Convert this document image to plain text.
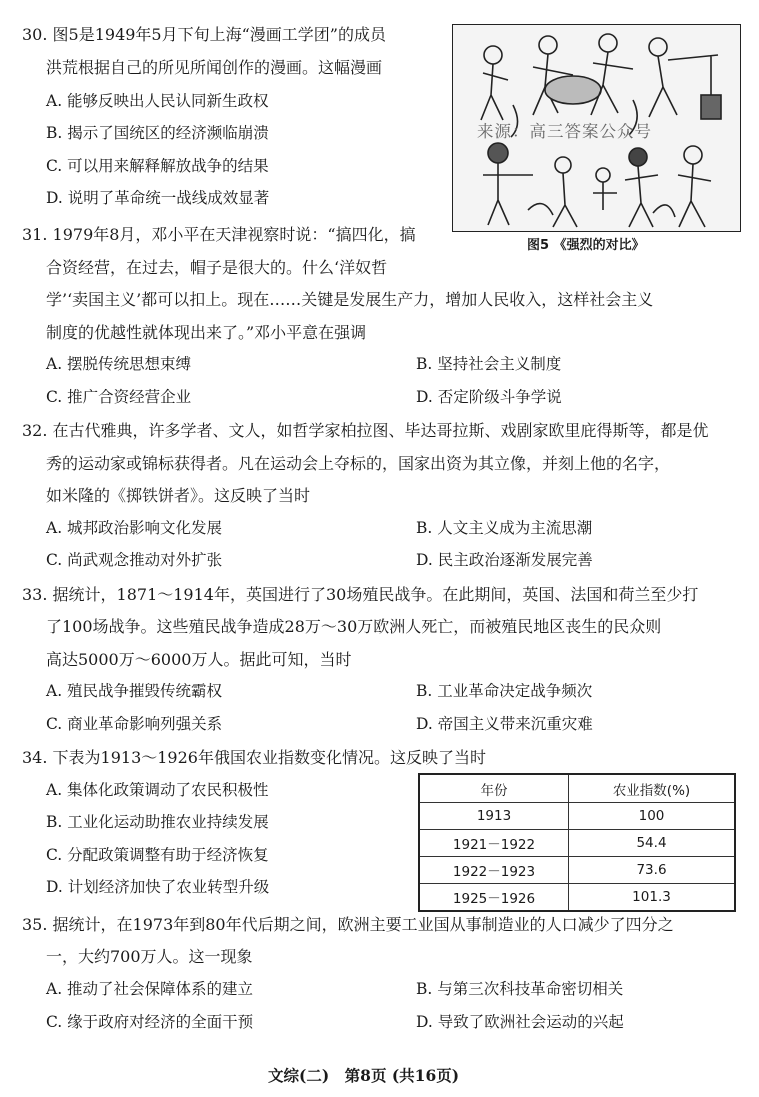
30. 图5是1949年5月下旬上海“漫画工学团”的成员
洪荒根据自己的所见所闻创作的漫画。这幅漫画
A. 能够反映出人民认同新生政权
B. 揭示了国统区的经济濒临崩溃
C. 可以用来解释解放战争的结果
D. 说明了革命统一战线成效显著
来源：高三答案公众号
图5 《强烈的对比》
31. 1979年8月，邓小平在天津视察时说：“搞四化，搞
合资经营，在过去，帽子是很大的。什么‘洋奴哲
学’‘卖国主义’都可以扣上。现在……关键是发展生产力，增加人民收入，这样社会主义
制度的优越性就体现出来了。”邓小平意在强调
A. 摆脱传统思想束缚	B. 坚持社会主义制度
C. 推广合资经营企业	D. 否定阶级斗争学说
32. 在古代雅典，许多学者、文人，如哲学家柏拉图、毕达哥拉斯、戏剧家欧里庇得斯等，都是优
秀的运动家或锦标获得者。凡在运动会上夺标的，国家出资为其立像，并刻上他的名字，
如米隆的《掷铁饼者》。这反映了当时
A. 城邦政治影响文化发展	B. 人文主义成为主流思潮
C. 尚武观念推动对外扩张	D. 民主政治逐渐发展完善
33. 据统计，1871～1914年，英国进行了30场殖民战争。在此期间，英国、法国和荷兰至少打
了100场战争。这些殖民战争造成28万～30万欧洲人死亡，而被殖民地区丧生的民众则
高达5000万～6000万人。据此可知，当时
A. 殖民战争摧毁传统霸权	B. 工业革命决定战争频次
C. 商业革命影响列强关系	D. 帝国主义带来沉重灾难
34. 下表为1913～1926年俄国农业指数变化情况。这反映了当时
A. 集体化政策调动了农民积极性
B. 工业化运动助推农业持续发展
C. 分配政策调整有助于经济恢复
D. 计划经济加快了农业转型升级
年份	农业指数(%)
1913	100
1921－1922	54.4
1922－1923	73.6
1925－1926	101.3
35. 据统计，在1973年到80年代后期之间，欧洲主要工业国从事制造业的人口减少了四分之
一，大约700万人。这一现象
A. 推动了社会保障体系的建立	B. 与第三次科技革命密切相关
C. 缘于政府对经济的全面干预	D. 导致了欧洲社会运动的兴起
文综(二)　第8页 (共16页)
